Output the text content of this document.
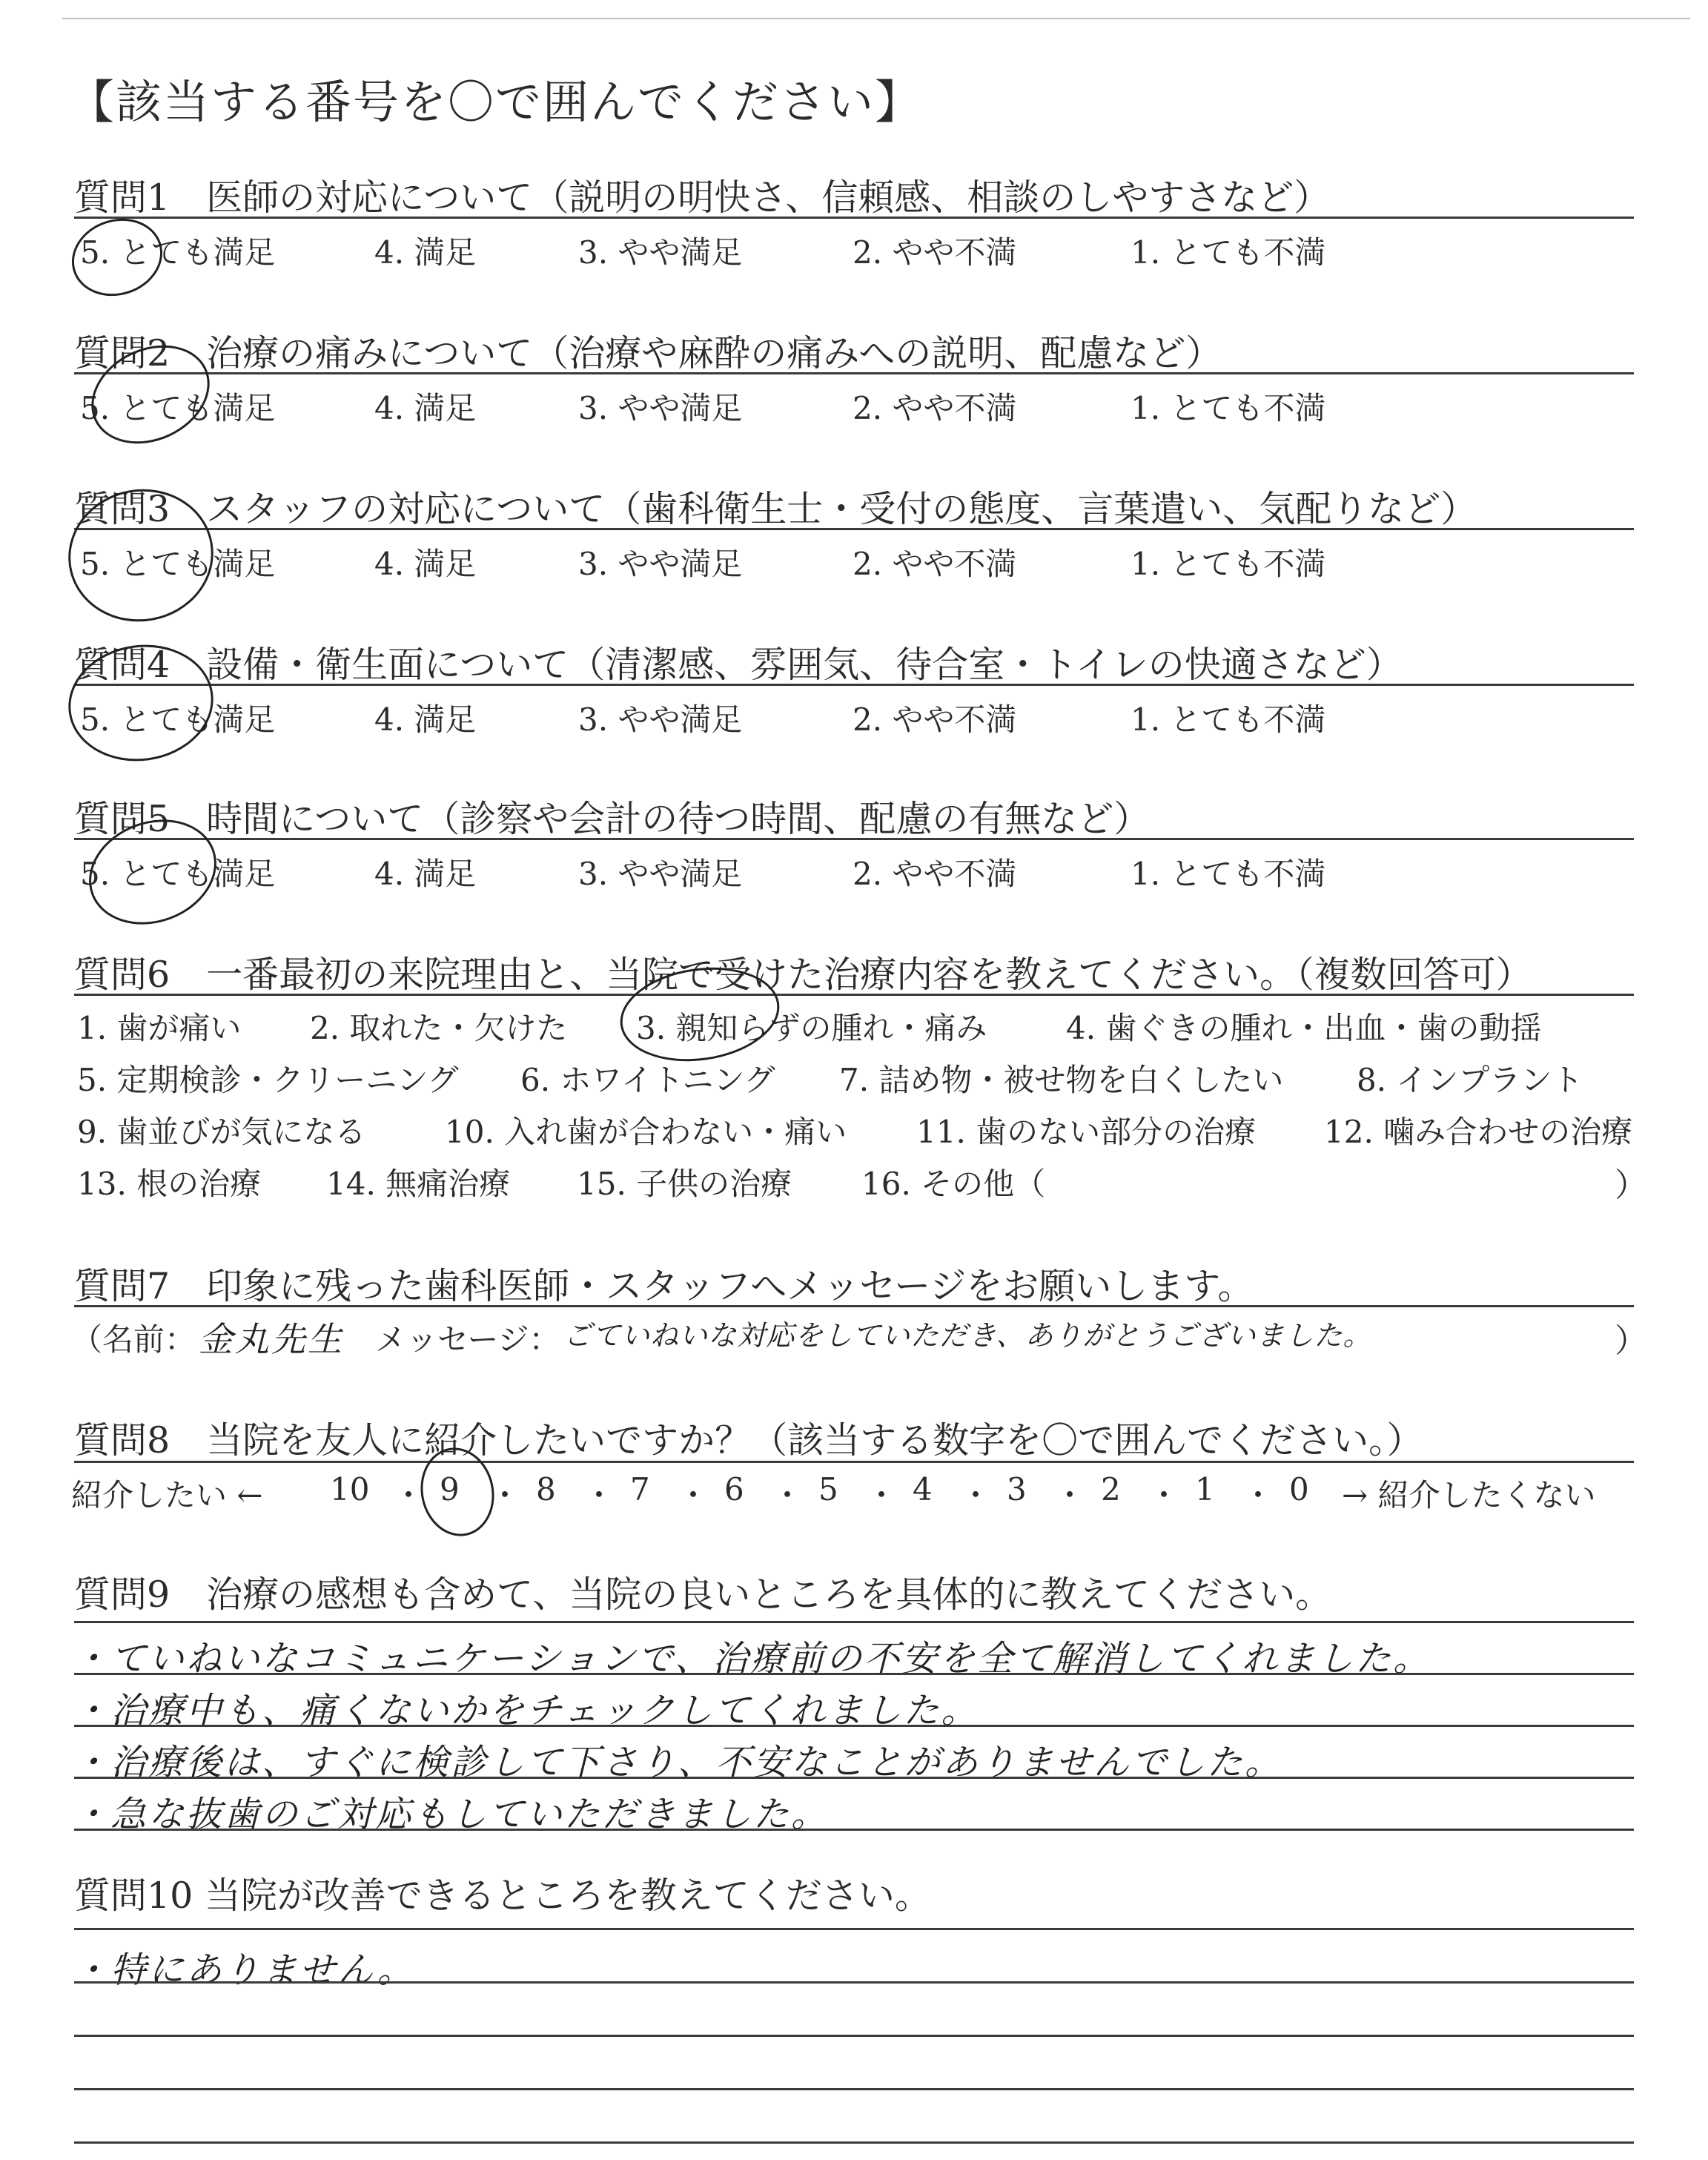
【該当する番号を〇で囲んでください】
質問1　医師の対応について（説明の明快さ、信頼感、相談のしやすさなど）
5. とても満足	4. 満足	3. やや満足	2. やや不満	1. とても不満
質問2　治療の痛みについて（治療や麻酔の痛みへの説明、配慮など）
5. とても満足	4. 満足	3. やや満足	2. やや不満	1. とても不満
質問3　スタッフの対応について（歯科衛生士・受付の態度、言葉遣い、気配りなど）
5. とても満足	4. 満足	3. やや満足	2. やや不満	1. とても不満
質問4　設備・衛生面について（清潔感、雰囲気、待合室・トイレの快適さなど）
5. とても満足	4. 満足	3. やや満足	2. やや不満	1. とても不満
質問5　時間について（診察や会計の待つ時間、配慮の有無など）
5. とても満足	4. 満足	3. やや満足	2. やや不満	1. とても不満
質問6　一番最初の来院理由と、当院で受けた治療内容を教えてください。（複数回答可）
1. 歯が痛い 2. 取れた・欠けた 3. 親知らずの腫れ・痛み	4. 歯ぐきの腫れ・出血・歯の動揺
5. 定期検診・クリーニング 6. ホワイトニング 7. 詰め物・被せ物を白くしたい 8. インプラント
9. 歯並びが気になる	10. 入れ歯が合わない・痛い 11. 歯のない部分の治療 12. 噛み合わせの治療
13. 根の治療 14. 無痛治療 15. 子供の治療 16. その他（	）
質問7　印象に残った歯科医師・スタッフへメッセージをお願いします。
（名前： 金丸先生 メッセージ： ごていねいな対応をしていただき、ありがとうございました。	）
質問8　当院を友人に紹介したいですか？（該当する数字を〇で囲んでください。）
紹介したい ← 10 9 8 7 6 5 4 3 2 1 0 → 紹介したくない
・ ・ ・ ・ ・ ・ ・ ・ ・ ・
質問9　治療の感想も含めて、当院の良いところを具体的に教えてください。
・ていねいなコミュニケーションで、治療前の不安を全て解消してくれました。
・治療中も、痛くないかをチェックしてくれました。
・治療後は、すぐに検診して下さり、不安なことがありませんでした。
・急な抜歯のご対応もしていただきました。
質問10 当院が改善できるところを教えてください。
・特にありません。
